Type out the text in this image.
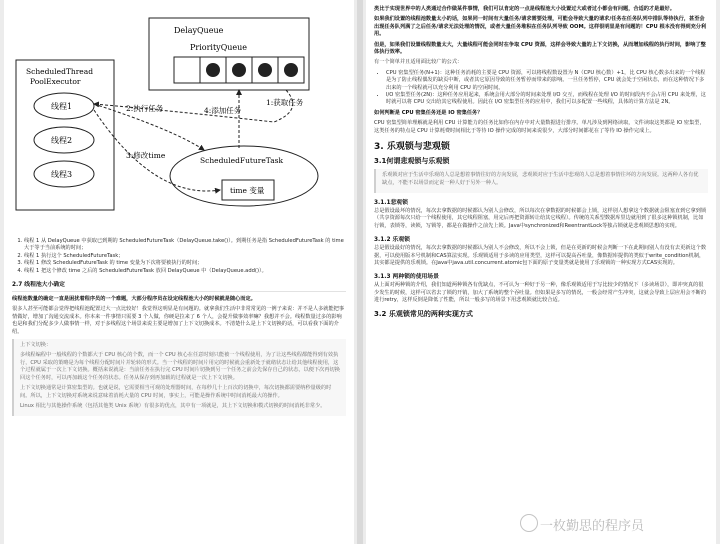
DelayQueue
PriorityQueue
ScheduledThread
PoolExecutor
线程1
线程2
线程3
ScheduledFutureTask
time 变量
1:获取任务
2:执行任务	4:添加任务
3:修改time
1. 线程 1 从 DelayQueue 中获取已到期的 ScheduledFutureTask（DelayQueue.take()）。到期任务是指 ScheduledFutureTask 的 time 大于等于当前系统的时间；
2. 线程 1 执行这个 ScheduledFutureTask；
3. 线程 1 修改 ScheduledFutureTask 的 time 变量为下次将要被执行的时间；
4. 线程 1 把这个修改 time 之后的 ScheduledFutureTask 放回 DelayQueue 中（DelayQueue.add()）。
2.7 线程池大小确定

线程池数量的确定一直是困扰着程序员的一个难题，大部分程序员在设定线程池大小的时候就是随心而定。

很多人甚至可能都会觉得把线程池配置过大一点比较好！我觉得这明显是有问题的。就拿我们生活中非常常见的一例子来说：并不是人多就能把事情做好，增加了沟通交流成本。你本来一件事情只需要 3 个人做，你硬是拉来了 6 个人，会提升做事效率嘛？我想并不会。线程数量过多的影响也是和我们分配多少人做事情一样，对于多线程这个场景来说主要是增加了上下文切换成本。不清楚什么是上下文切换的话，可以看我下面的介绍。

上下文切换：

多线程编程中一般线程的个数都大于 CPU 核心的个数，而一个 CPU 核心在任意时刻只能被一个线程使用，为了让这些线程都能得到有效执行，CPU 采取的策略是为每个线程分配时间片并轮转的形式。当一个线程的时间片用完的时候就会重新处于就绪状态让给其他线程使用，这个过程就属于一次上下文切换。概括来说就是：当前任务在执行完 CPU 时间片切换到另一个任务之前会先保存自己的状态，以便下次再切换回这个任务时，可以再加载这个任务的状态。任务从保存到再加载的过程就是一次上下文切换。

上下文切换通常是计算密集型的。也就是说，它需要相当可观的处理器时间，在每秒几十上百次的切换中，每次切换都需要纳秒量级的时间。所以，上下文切换对系统来说意味着消耗大量的 CPU 时间，事实上，可能是操作系统中时间消耗最大的操作。

Linux 相比与其他操作系统（包括其他类 Unix 系统）有很多的优点，其中有一项就是，其上下文切换和模式切换的时间消耗非常少。

类比于实现世界中的人类通过合作做某件事情，我们可以肯定的一点是线程池大小设置过大或者过小都会有问题，合适的才是最好。

如果我们设置的线程池数量太小的话，如果同一时间有大量任务/请求需要处理，可能会导致大量的请求/任务在任务队列中排队等待执行，甚至会出现任务队列满了之后任务/请求无法处理的情况，或者大量任务堆积在任务队列导致 OOM。这样很明显是有问题的！CPU 根本没有得到充分利用。

但是，如果我们设置线程数量太大，大量线程可能会同时在争取 CPU 资源，这样会导致大量的上下文切换，从而增加线程的执行时间，影响了整体执行效率。

有一个简单并且适用面比较广的公式：

• CPU 密集型任务(N+1)：这种任务消耗的主要是 CPU 资源，可以将线程数设置为 N（CPU 核心数）+1，比 CPU 核心数多出来的一个线程是为了防止线程偶发的缺页中断，或者其它原因导致的任务暂停而带来的影响。一旦任务暂停，CPU 就会处于空闲状态，而在这种情况下多出来的一个线程就可以充分利用 CPU 的空闲时间。
• I/O 密集型任务(2N)：这种任务应用起来，系统会用大部分的时间来处理 I/O 交互，而线程在处理 I/O 的时间段内不会占用 CPU 来处理，这时就可以将 CPU 交出给其它线程使用。因此在 I/O 密集型任务的应用中，我们可以多配置一些线程，具体的计算方法是 2N。

如何判断是 CPU 密集任务还是 IO 密集任务？

CPU 密集型简单理解就是利用 CPU 计算能力的任务比如你在内存中对大量数据进行排序。单凡涉及到网络读取，文件读取这类都是 IO 密集型，这类任务的特点是 CPU 计算耗费时间相比于等待 IO 操作完成的时间来说很少，大部分时间都花在了等待 IO 操作完成上。

3. 乐观锁与悲观锁
3.1何谓悲观锁与乐观锁

乐观锁对应于生活中乐观的人总是想着事情往好的方向发展，悲观锁对应于生活中悲观的人总是想着事情往坏的方向发展。这两种人各有优缺点，不能不以场景而定说一种人好于另外一种人。

3.1.1悲观锁

总是假设最坏的情况，每次去拿数据的时候都认为别人会修改，所以每次在拿数据的时候都会上锁，这样别人想拿这个数据就会阻塞直到它拿到锁（共享资源每次只给一个线程使用，其它线程阻塞，用完后再把资源转让给其它线程）。传统的关系型数据库里边就用到了很多这种锁机制，比如行锁，表锁等，读锁，写锁等，都是在做操作之前先上锁。Java中synchronized和ReentrantLock等独占锁就是悲观锁思想的实现。

3.1.2 乐观锁

总是假设最好的情况，每次去拿数据的时候都认为别人不会修改，所以不会上锁，但是在更新的时候会判断一下在此期间别人有没有去更新这个数据，可以使用版本号机制和CAS算法实现。乐观锁适用于多读的应用类型，这样可以提高吞吐量，像数据库提供的类似于write_condition机制，其实都是提供的乐观锁。在Java中java.util.concurrent.atomic包下面的原子变量类就是使用了乐观锁的一种实现方式CAS实现的。

3.1.3 两种锁的使用场景

从上面对两种锁的介绍，我们知道两种锁各有优缺点，不可认为一种好于另一种，像乐观锁适用于写比较少的情况下（多读场景），即冲突真的很少发生的时候，这样可以省去了锁的开销，加大了系统的整个吞吐量。但如果是多写的情况，一般会经常产生冲突，这就会导致上层应用会不断的进行retry，这样反倒是降低了性能，所以一般多写的场景下用悲观锁就比较合适。

3.2 乐观锁常见的两种实现方式
一枚勤思的程序员
